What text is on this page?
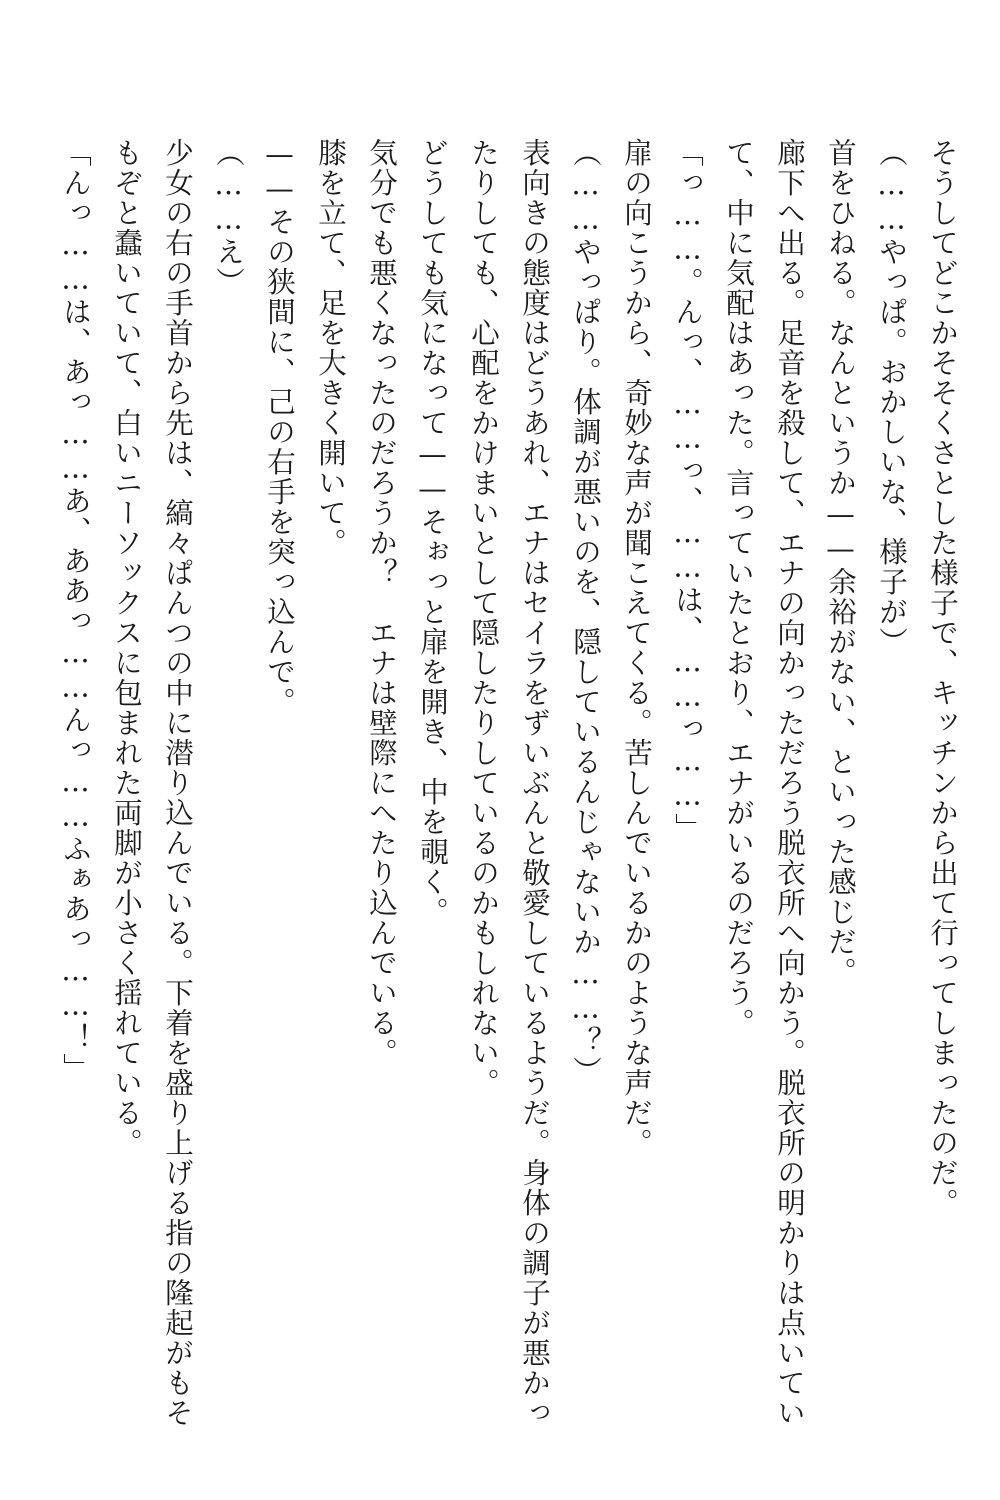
そうしてどこかそそくさとした様子で、キッチンから出て行ってしまったのだ。
（……やっぱ。おかしいな、様子が）
首をひねる。なんというか——余裕がない、といった感じだ。
廊下へ出る。足音を殺して、エナの向かっただろう脱衣所へ向かう。脱衣所の明かりは点いてい
て、中に気配はあった。言っていたとおり、エナがいるのだろう。
「っ……。んっ、……っ、……は、……っ……」
扉の向こうから、奇妙な声が聞こえてくる。苦しんでいるかのような声だ。
（……やっぱり。体調が悪いのを、隠しているんじゃないか……？）
表向きの態度はどうあれ、エナはセイラをずいぶんと敬愛しているようだ。身体の調子が悪かっ
たりしても、心配をかけまいとして隠したりしているのかもしれない。
どうしても気になって——そぉっと扉を開き、中を覗く。
気分でも悪くなったのだろうか？　エナは壁際にへたり込んでいる。
膝を立て、足を大きく開いて。
——その狭間に、己の右手を突っ込んで。
（……え）
少女の右の手首から先は、縞々ぱんつの中に潜り込んでいる。下着を盛り上げる指の隆起がもそ
もぞと蠢いていて、白いニーソックスに包まれた両脚が小さく揺れている。
「んっ……は、あっ……あ、ああっ……んっ……ふぁあっ……！」
